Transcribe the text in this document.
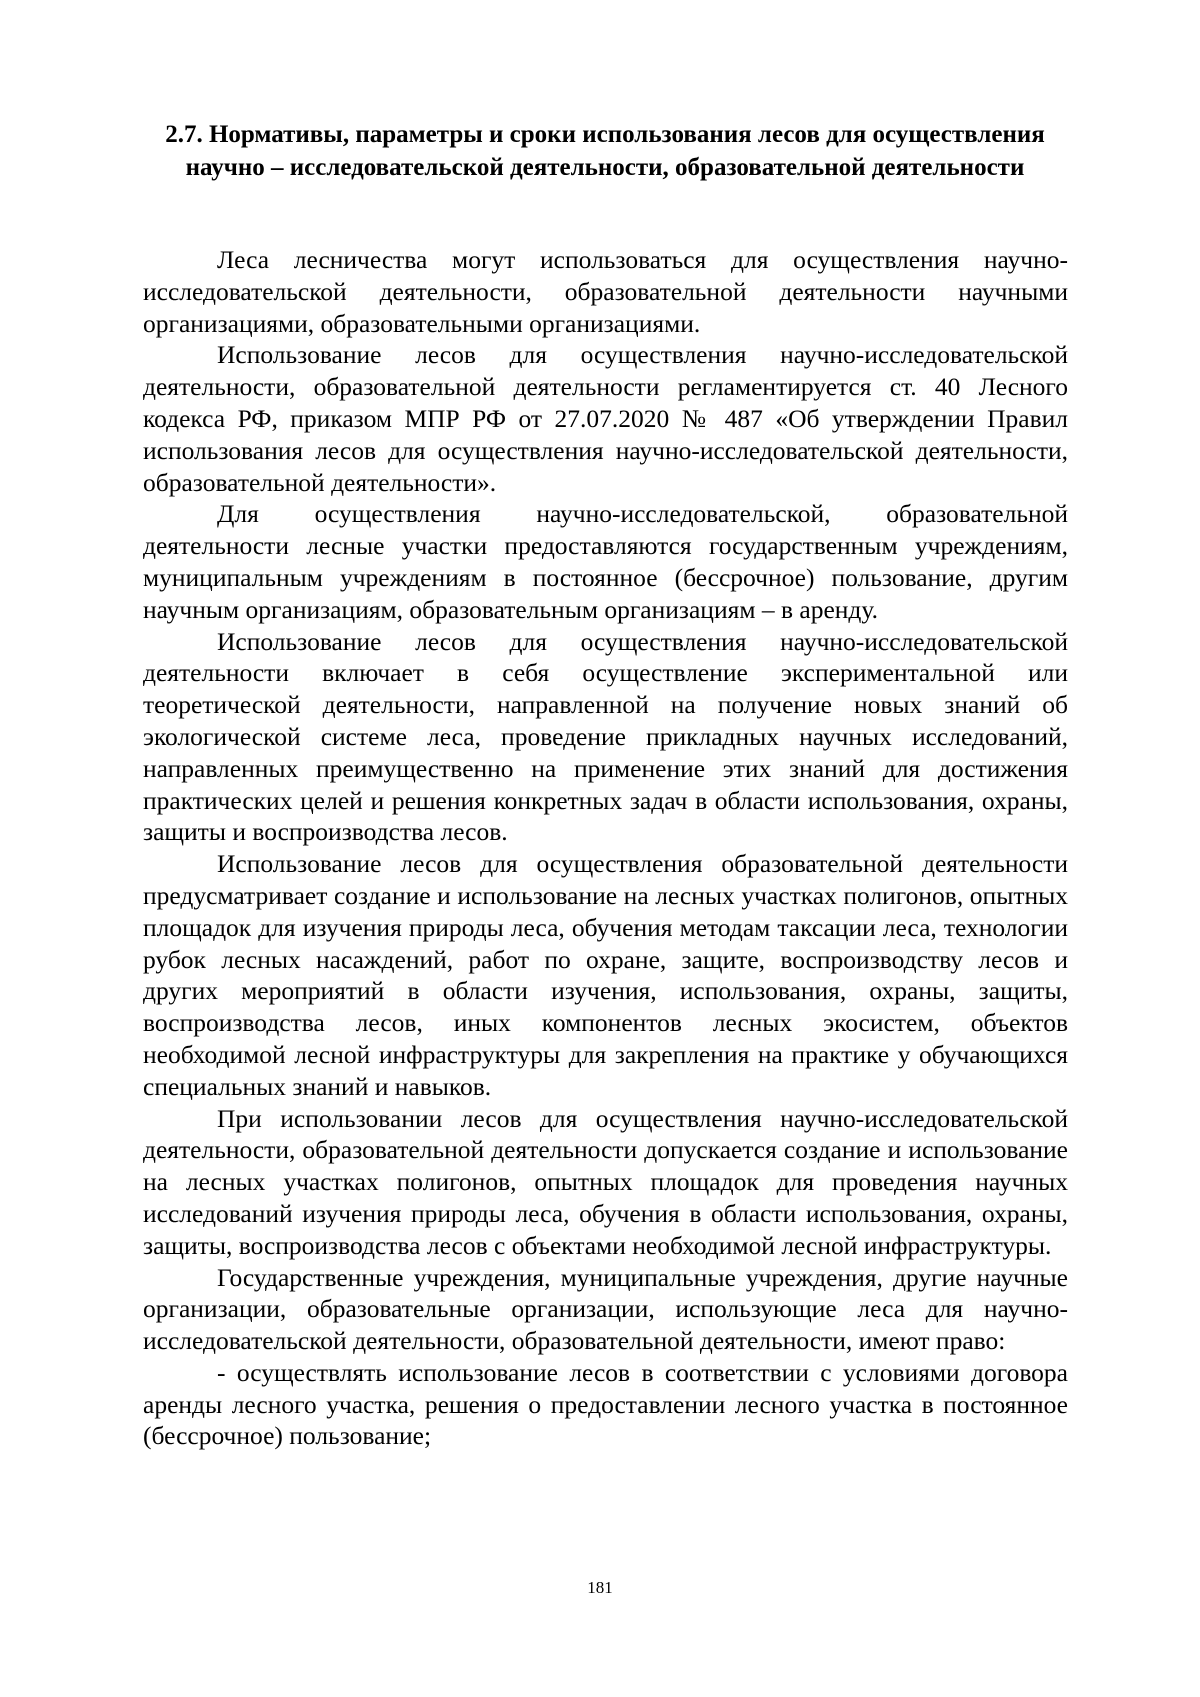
2.7. Нормативы, параметры и сроки использования лесов для осуществления научно – исследовательской деятельности, образовательной деятельности

Леса лесничества могут использоваться для осуществления научно-исследовательской деятельности, образовательной деятельности научными организациями, образовательными организациями.

Использование лесов для осуществления научно-исследовательской деятельности, образовательной деятельности регламентируется ст. 40 Лесного кодекса РФ, приказом МПР РФ от 27.07.2020 № 487 «Об утверждении Правил использования лесов для осуществления научно-исследовательской деятельности, образовательной деятельности».

Для осуществления научно-исследовательской, образовательной деятельности лесные участки предоставляются государственным учреждениям, муниципальным учреждениям в постоянное (бессрочное) пользование, другим научным организациям, образовательным организациям – в аренду.

Использование лесов для осуществления научно-исследовательской деятельности включает в себя осуществление экспериментальной или теоретической деятельности, направленной на получение новых знаний об экологической системе леса, проведение прикладных научных исследований, направленных преимущественно на применение этих знаний для достижения практических целей и решения конкретных задач в области использования, охраны, защиты и воспроизводства лесов.

Использование лесов для осуществления образовательной деятельности предусматривает создание и использование на лесных участках полигонов, опытных площадок для изучения природы леса, обучения методам таксации леса, технологии рубок лесных насаждений, работ по охране, защите, воспроизводству лесов и других мероприятий в области изучения, использования, охраны, защиты, воспроизводства лесов, иных компонентов лесных экосистем, объектов необходимой лесной инфраструктуры для закрепления на практике у обучающихся специальных знаний и навыков.

При использовании лесов для осуществления научно-исследовательской деятельности, образовательной деятельности допускается создание и использование на лесных участках полигонов, опытных площадок для проведения научных исследований изучения природы леса, обучения в области использования, охраны, защиты, воспроизводства лесов с объектами необходимой лесной инфраструктуры.

Государственные учреждения, муниципальные учреждения, другие научные организации, образовательные организации, использующие леса для научно-исследовательской деятельности, образовательной деятельности, имеют право:

- осуществлять использование лесов в соответствии с условиями договора аренды лесного участка, решения о предоставлении лесного участка в постоянное (бессрочное) пользование;

181
